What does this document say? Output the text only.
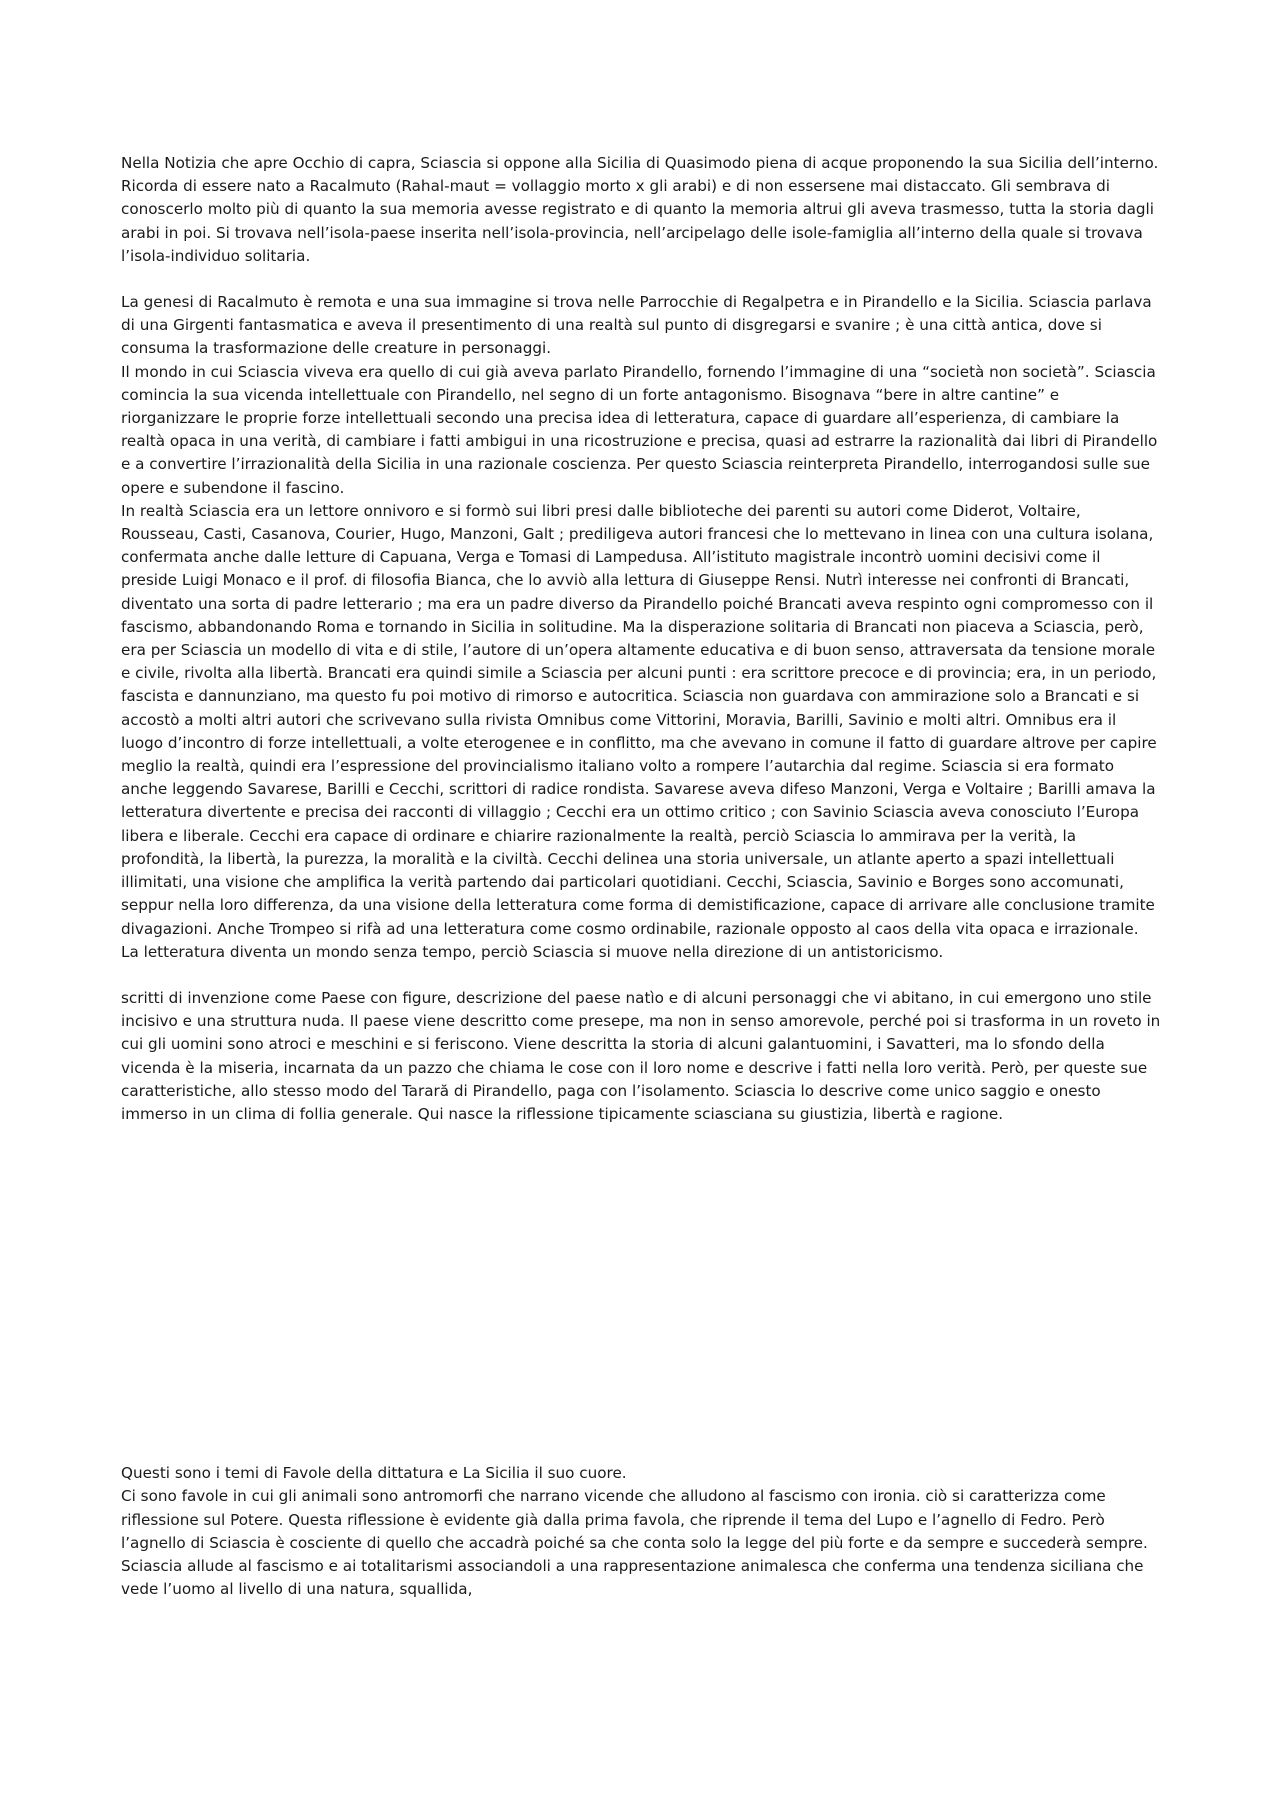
Nella Notizia che apre Occhio di capra, Sciascia si oppone alla Sicilia di Quasimodo piena di acque proponendo la sua Sicilia dell’interno. Ricorda di essere nato a Racalmuto (Rahal-maut = vollaggio morto x gli arabi) e di non essersene mai distaccato. Gli sembrava di conoscerlo molto più di quanto la sua memoria avesse registrato e di quanto la memoria altrui gli aveva trasmesso, tutta la storia dagli arabi in poi. Si trovava nell’isola-paese inserita nell’isola-provincia, nell’arcipelago delle isole-famiglia all’interno della quale si trovava l’isola-individuo solitaria.

La genesi di Racalmuto è remota e una sua immagine si trova nelle Parrocchie di Regalpetra e in Pirandello e la Sicilia. Sciascia parlava di una Girgenti fantasmatica e aveva il presentimento di una realtà sul punto di disgregarsi e svanire ; è una città antica, dove si consuma la trasformazione delle creature in personaggi.

Il mondo in cui Sciascia viveva era quello di cui già aveva parlato Pirandello, fornendo l’immagine di una “società non società”. Sciascia comincia la sua vicenda intellettuale con Pirandello, nel segno di un forte antagonismo. Bisognava “bere in altre cantine” e riorganizzare le proprie forze intellettuali secondo una precisa idea di letteratura, capace di guardare all’esperienza, di cambiare la realtà opaca in una verità, di cambiare i fatti ambigui in una ricostruzione e precisa, quasi ad estrarre la razionalità dai libri di Pirandello e a convertire l’irrazionalità della Sicilia in una razionale coscienza. Per questo Sciascia reinterpreta Pirandello, interrogandosi sulle sue opere e subendone il fascino.

In realtà Sciascia era un lettore onnivoro e si formò sui libri presi dalle biblioteche dei parenti su autori come Diderot, Voltaire, Rousseau, Casti, Casanova, Courier, Hugo, Manzoni, Galt ; prediligeva autori francesi che lo mettevano in linea con una cultura isolana, confermata anche dalle letture di Capuana, Verga e Tomasi di Lampedusa. All’istituto magistrale incontrò uomini decisivi come il preside Luigi Monaco e il prof. di filosofia Bianca, che lo avviò alla lettura di Giuseppe Rensi. Nutrì interesse nei confronti di Brancati, diventato una sorta di padre letterario ; ma era un padre diverso da Pirandello poiché Brancati aveva respinto ogni compromesso con il fascismo, abbandonando Roma e tornando in Sicilia in solitudine. Ma la disperazione solitaria di Brancati non piaceva a Sciascia, però, era per Sciascia un modello di vita e di stile, l’autore di un’opera altamente educativa e di buon senso, attraversata da tensione morale e civile, rivolta alla libertà. Brancati era quindi simile a Sciascia per alcuni punti : era scrittore precoce e di provincia; era, in un periodo, fascista e dannunziano, ma questo fu poi motivo di rimorso e autocritica. Sciascia non guardava con ammirazione solo a Brancati e si accostò a molti altri autori che scrivevano sulla rivista Omnibus come Vittorini, Moravia, Barilli, Savinio e molti altri. Omnibus era il luogo d’incontro di forze intellettuali, a volte eterogenee e in conflitto, ma che avevano in comune il fatto di guardare altrove per capire meglio la realtà, quindi era l’espressione del provincialismo italiano volto a rompere l’autarchia dal regime. Sciascia si era formato anche leggendo Savarese, Barilli e Cecchi, scrittori di radice rondista. Savarese aveva difeso Manzoni, Verga e Voltaire ; Barilli amava la letteratura divertente e precisa dei racconti di villaggio ; Cecchi era un ottimo critico ; con Savinio Sciascia aveva conosciuto l’Europa libera e liberale. Cecchi era capace di ordinare e chiarire razionalmente la realtà, perciò Sciascia lo ammirava per la verità, la profondità, la libertà, la purezza, la moralità e la civiltà. Cecchi delinea una storia universale, un atlante aperto a spazi intellettuali illimitati, una visione che amplifica la verità partendo dai particolari quotidiani. Cecchi, Sciascia, Savinio e Borges sono accomunati, seppur nella loro differenza, da una visione della letteratura come forma di demistificazione, capace di arrivare alle conclusione tramite divagazioni. Anche Trompeo si rifà ad una letteratura come cosmo ordinabile, razionale opposto al caos della vita opaca e irrazionale. La letteratura diventa un mondo senza tempo, perciò Sciascia si muove nella direzione di un antistoricismo.

scritti di invenzione come Paese con figure, descrizione del paese natìo e di alcuni personaggi che vi abitano, in cui emergono uno stile incisivo e una struttura nuda. Il paese viene descritto come presepe, ma non in senso amorevole, perché poi si trasforma in un roveto in cui gli uomini sono atroci e meschini e si feriscono. Viene descritta la storia di alcuni galantuomini, i Savatteri, ma lo sfondo della vicenda è la miseria, incarnata da un pazzo che chiama le cose con il loro nome e descrive i fatti nella loro verità. Però, per queste sue caratteristiche, allo stesso modo del Tarară di Pirandello, paga con l’isolamento. Sciascia lo descrive come unico saggio e onesto immerso in un clima di follia generale. Qui nasce la riflessione tipicamente sciasciana su giustizia, libertà e ragione.

Questi sono i temi di Favole della dittatura e La Sicilia il suo cuore.

Ci sono favole in cui gli animali sono antromorfi che narrano vicende che alludono al fascismo con ironia. ciò si caratterizza come riflessione sul Potere. Questa riflessione è evidente già dalla prima favola, che riprende il tema del Lupo e l’agnello di Fedro. Però l’agnello di Sciascia è cosciente di quello che accadrà poiché sa che conta solo la legge del più forte e da sempre e succederà sempre. Sciascia allude al fascismo e ai totalitarismi associandoli a una rappresentazione animalesca che conferma una tendenza siciliana che vede l’uomo al livello di una natura, squallida,
